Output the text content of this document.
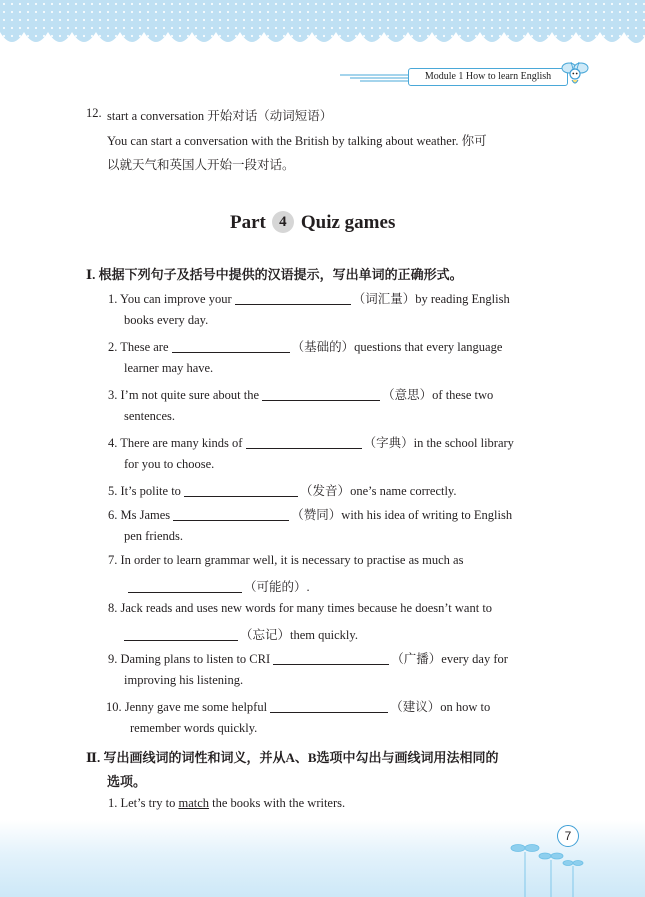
Module 1 How to learn English
12. start a conversation 开始对话（动词短语）
You can start a conversation with the British by talking about weather. 你可
以就天气和英国人开始一段对话。
Part 4 Quiz games
Ⅰ. 根据下列句子及括号中提供的汉语提示，写出单词的正确形式。
1. You can improve your	（词汇量）by reading English
books every day.
2. These are	（基础的）questions that every language
learner may have.
3. I’m not quite sure about the	（意思）of these two
sentences.
4. There are many kinds of	（字典）in the school library
for you to choose.
5. It’s polite to	（发音）one’s name correctly.
6. Ms James	（赞同）with his idea of writing to English
pen friends.
7. In order to learn grammar well, it is necessary to practise as much as
（可能的）.
8. Jack reads and uses new words for many times because he doesn’t want to
（忘记）them quickly.
9. Daming plans to listen to CRI	（广播）every day for
improving his listening.
10. Jenny gave me some helpful	（建议）on how to
remember words quickly.
Ⅱ. 写出画线词的词性和词义，并从A、B选项中勾出与画线词用法相同的
选项。
1. Let’s try to match the books with the writers.
7
